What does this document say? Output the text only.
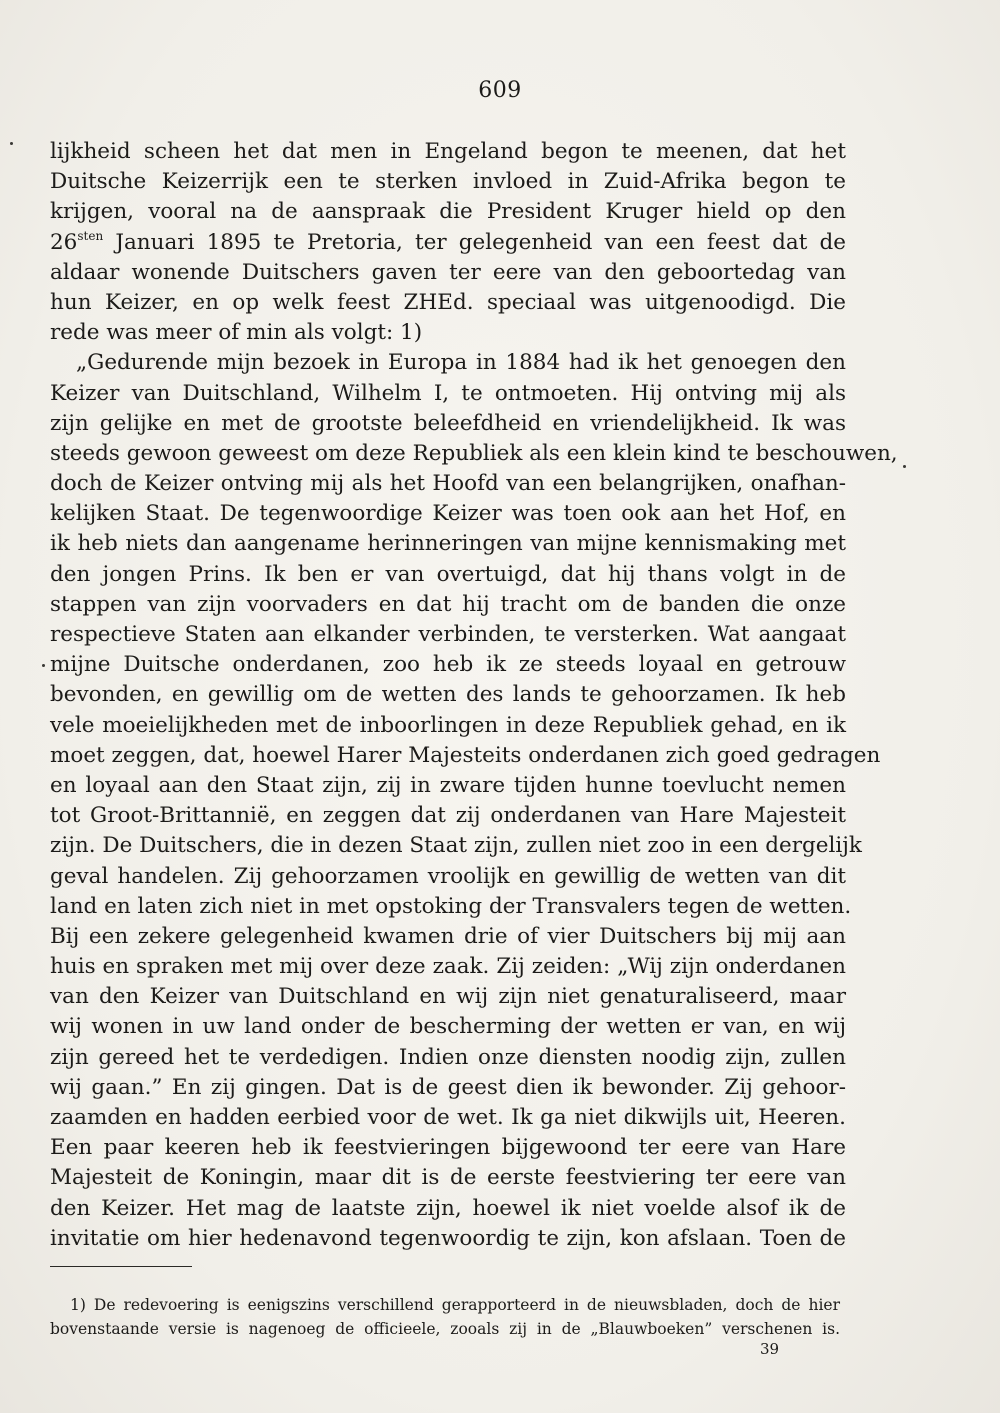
609
lijkheid scheen het dat men in Engeland begon te meenen, dat het
Duitsche Keizerrijk een te sterken invloed in Zuid-Afrika begon te
krijgen, vooral na de aanspraak die President Kruger hield op den
$26^{sten}$ Januari 1895 te Pretoria, ter gelegenheid van een feest dat de
aldaar wonende Duitschers gaven ter eere van den geboortedag van
hun Keizer, en op welk feest ZHEd. speciaal was uitgenoodigd. Die
rede was meer of min als volgt: 1)
„Gedurende mijn bezoek in Europa in 1884 had ik het genoegen den
Keizer van Duitschland, Wilhelm I, te ontmoeten. Hij ontving mij als
zijn gelijke en met de grootste beleefdheid en vriendelijkheid. Ik was
steeds gewoon geweest om deze Republiek als een klein kind te beschouwen,
doch de Keizer ontving mij als het Hoofd van een belangrijken, onafhan-
kelijken Staat. De tegenwoordige Keizer was toen ook aan het Hof, en
ik heb niets dan aangename herinneringen van mijne kennismaking met
den jongen Prins. Ik ben er van overtuigd, dat hij thans volgt in de
stappen van zijn voorvaders en dat hij tracht om de banden die onze
respectieve Staten aan elkander verbinden, te versterken. Wat aangaat
mijne Duitsche onderdanen, zoo heb ik ze steeds loyaal en getrouw
bevonden, en gewillig om de wetten des lands te gehoorzamen. Ik heb
vele moeielijkheden met de inboorlingen in deze Republiek gehad, en ik
moet zeggen, dat, hoewel Harer Majesteits onderdanen zich goed gedragen
en loyaal aan den Staat zijn, zij in zware tijden hunne toevlucht nemen
tot Groot-Brittannië, en zeggen dat zij onderdanen van Hare Majesteit
zijn. De Duitschers, die in dezen Staat zijn, zullen niet zoo in een dergelijk
geval handelen. Zij gehoorzamen vroolijk en gewillig de wetten van dit
land en laten zich niet in met opstoking der Transvalers tegen de wetten.
Bij een zekere gelegenheid kwamen drie of vier Duitschers bij mij aan
huis en spraken met mij over deze zaak. Zij zeiden: „Wij zijn onderdanen
van den Keizer van Duitschland en wij zijn niet genaturaliseerd, maar
wij wonen in uw land onder de bescherming der wetten er van, en wij
zijn gereed het te verdedigen. Indien onze diensten noodig zijn, zullen
wij gaan.” En zij gingen. Dat is de geest dien ik bewonder. Zij gehoor-
zaamden en hadden eerbied voor de wet. Ik ga niet dikwijls uit, Heeren.
Een paar keeren heb ik feestvieringen bijgewoond ter eere van Hare
Majesteit de Koningin, maar dit is de eerste feestviering ter eere van
den Keizer. Het mag de laatste zijn, hoewel ik niet voelde alsof ik de
invitatie om hier hedenavond tegenwoordig te zijn, kon afslaan. Toen de
1) De redevoering is eenigszins verschillend gerapporteerd in de nieuwsbladen, doch de hier
bovenstaande versie is nagenoeg de officieele, zooals zij in de „Blauwboeken” verschenen is.
39
